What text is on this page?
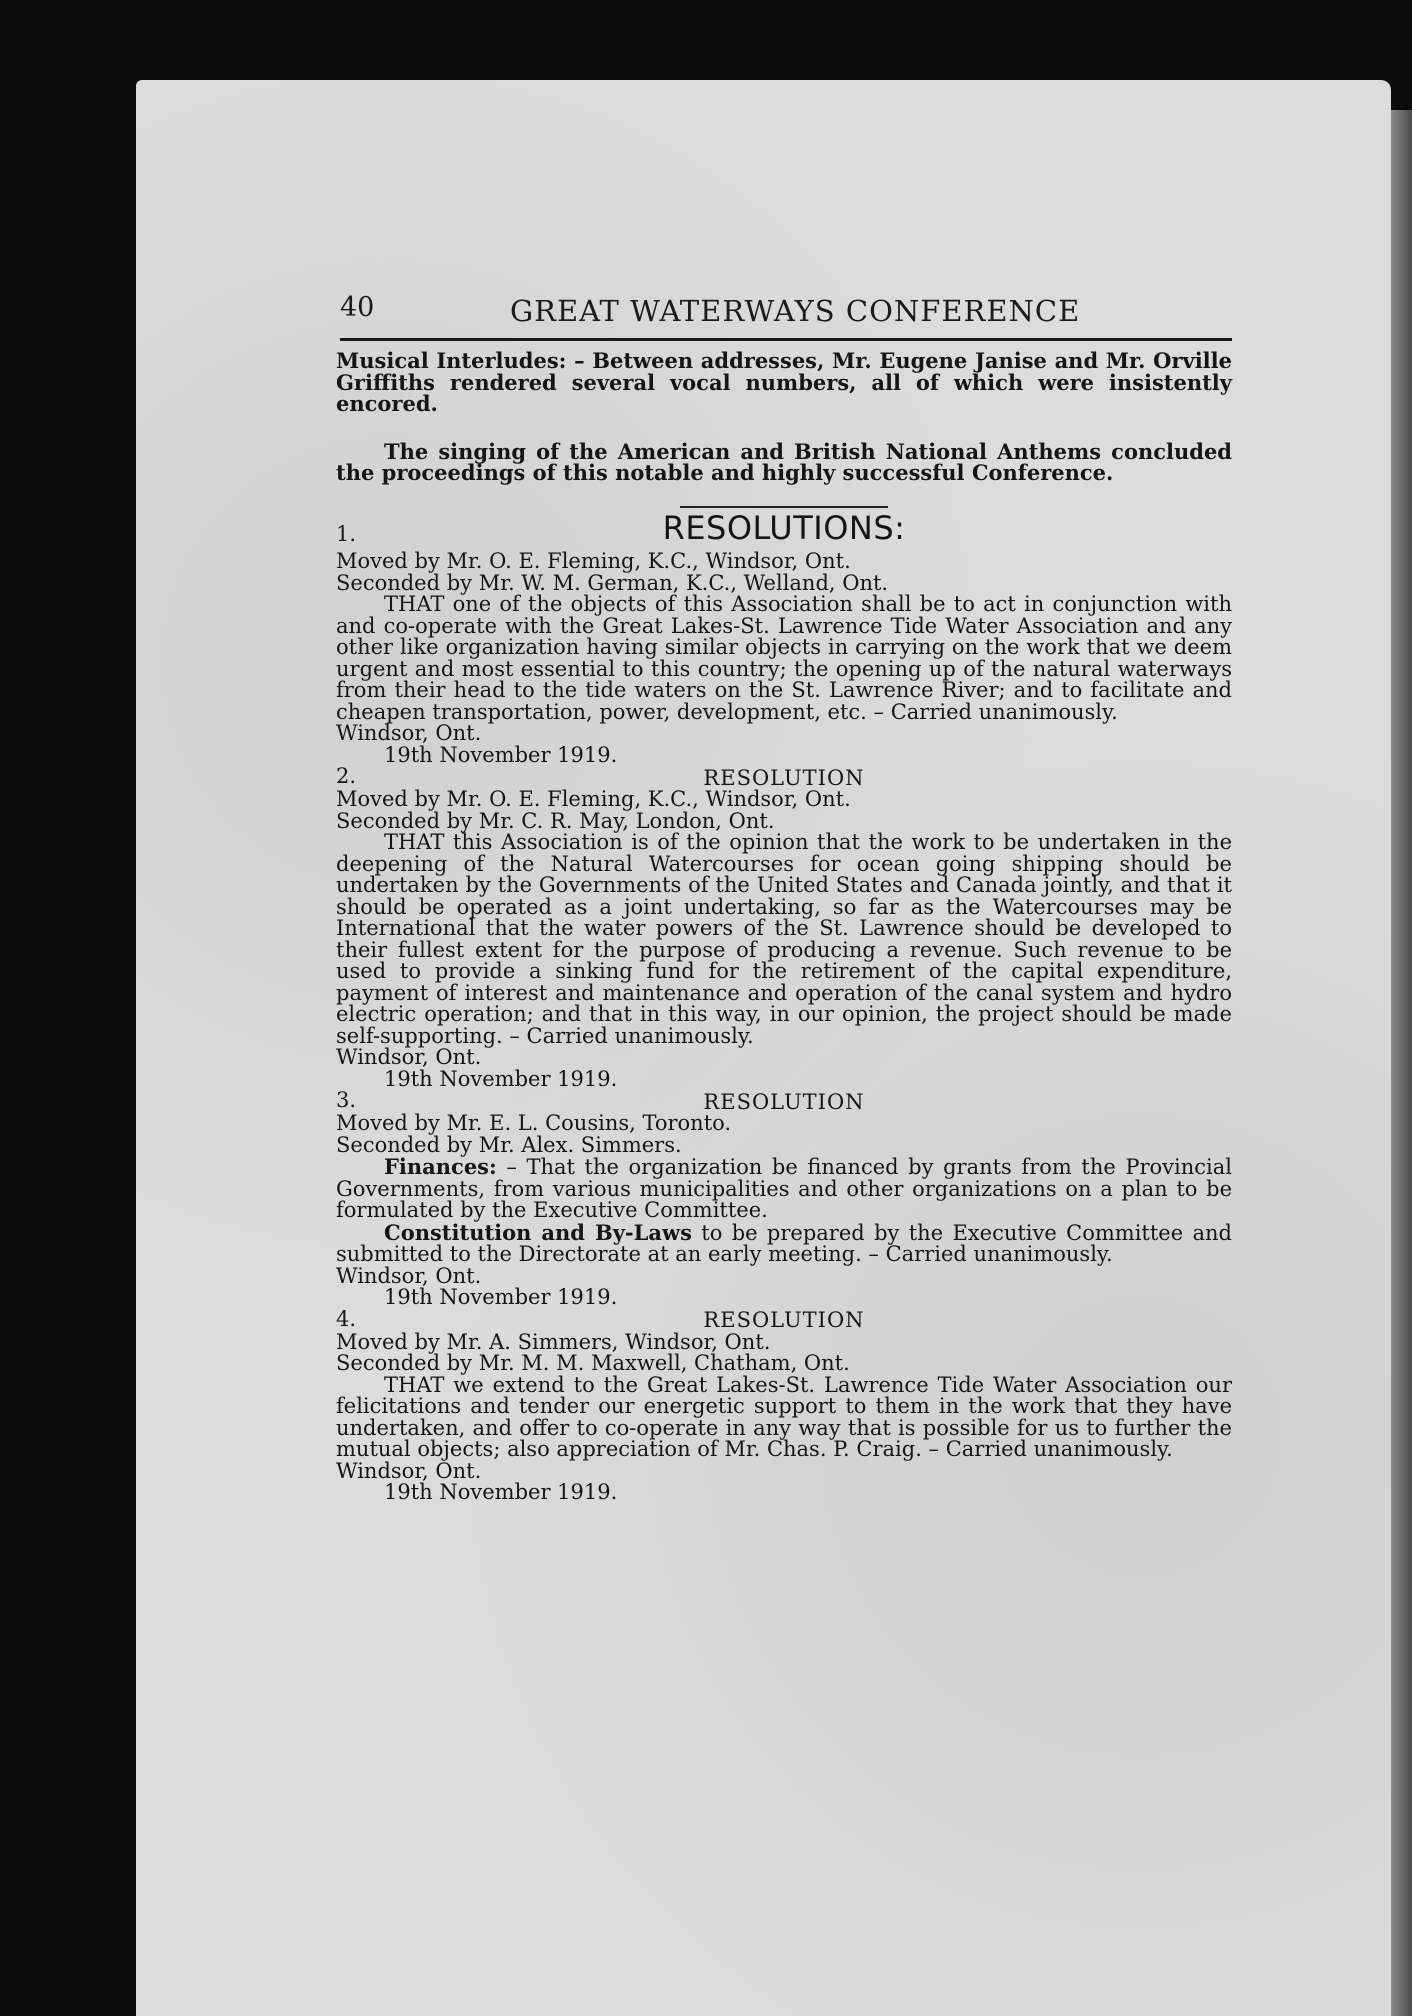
40	GREAT WATERWAYS CONFERENCE

Musical Interludes: – Between addresses, Mr. Eugene Janise and Mr. Orville Griffiths rendered several vocal numbers, all of which were insistently encored.

The singing of the American and British National Anthems concluded the proceedings of this notable and highly successful Conference.

1.	RESOLUTIONS:

Moved by Mr. O. E. Fleming, K.C., Windsor, Ont.

Seconded by Mr. W. M. German, K.C., Welland, Ont.

THAT one of the objects of this Association shall be to act in conjunction with and co-operate with the Great Lakes-St. Lawrence Tide Water Association and any other like organization having similar objects in carrying on the work that we deem urgent and most essential to this country; the opening up of the natural waterways from their head to the tide waters on the St. Lawrence River; and to facilitate and cheapen transportation, power, development, etc. – Carried unanimously.

Windsor, Ont.

19th November 1919.

2.	RESOLUTION

Moved by Mr. O. E. Fleming, K.C., Windsor, Ont.

Seconded by Mr. C. R. May, London, Ont.

THAT this Association is of the opinion that the work to be undertaken in the deepening of the Natural Watercourses for ocean going shipping should be undertaken by the Governments of the United States and Canada jointly, and that it should be operated as a joint undertaking, so far as the Watercourses may be International that the water powers of the St. Lawrence should be developed to their fullest extent for the purpose of producing a revenue. Such revenue to be used to provide a sinking fund for the retirement of the capital expenditure, payment of interest and maintenance and operation of the canal system and hydro electric operation; and that in this way, in our opinion, the project should be made self-supporting. – Carried unanimously.

Windsor, Ont.

19th November 1919.

3.	RESOLUTION

Moved by Mr. E. L. Cousins, Toronto.

Seconded by Mr. Alex. Simmers.

Finances: – That the organization be financed by grants from the Provincial Governments, from various municipalities and other organizations on a plan to be formulated by the Executive Committee.

Constitution and By-Laws to be prepared by the Executive Committee and submitted to the Directorate at an early meeting. – Carried unanimously.

Windsor, Ont.

19th November 1919.

4.	RESOLUTION

Moved by Mr. A. Simmers, Windsor, Ont.

Seconded by Mr. M. M. Maxwell, Chatham, Ont.

THAT we extend to the Great Lakes-St. Lawrence Tide Water Association our felicitations and tender our energetic support to them in the work that they have undertaken, and offer to co-operate in any way that is possible for us to further the mutual objects; also appreciation of Mr. Chas. P. Craig. – Carried unanimously.

Windsor, Ont.

19th November 1919.
